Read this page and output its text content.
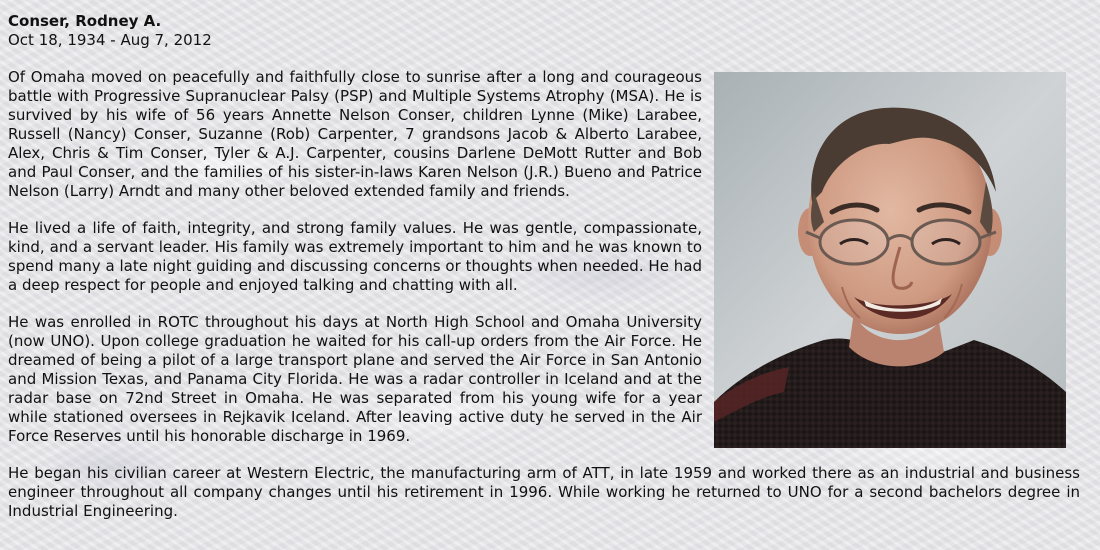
Conser, Rodney A.
Oct 18, 1934 - Aug 7, 2012

Of Omaha moved on peacefully and faithfully close to sunrise after a long and courageous battle with Progressive Supranuclear Palsy (PSP) and Multiple Systems Atrophy (MSA). He is survived by his wife of 56 years Annette Nelson Conser, children Lynne (Mike) Larabee, Russell (Nancy) Conser, Suzanne (Rob) Carpenter, 7 grandsons Jacob & Alberto Larabee, Alex, Chris & Tim Conser, Tyler & A.J. Carpenter, cousins Darlene DeMott Rutter and Bob and Paul Conser, and the families of his sister-in-laws Karen Nelson (J.R.) Bueno and Patrice Nelson (Larry) Arndt and many other beloved extended family and friends.

He lived a life of faith, integrity, and strong family values. He was gentle, compassionate, kind, and a servant leader. His family was extremely important to him and he was known to spend many a late night guiding and discussing concerns or thoughts when needed. He had a deep respect for people and enjoyed talking and chatting with all.

He was enrolled in ROTC throughout his days at North High School and Omaha University (now UNO). Upon college graduation he waited for his call-up orders from the Air Force. He dreamed of being a pilot of a large transport plane and served the Air Force in San Antonio and Mission Texas, and Panama City Florida. He was a radar controller in Iceland and at the radar base on 72nd Street in Omaha. He was separated from his young wife for a year while stationed oversees in Rejkavik Iceland. After leaving active duty he served in the Air Force Reserves until his honorable discharge in 1969.

He began his civilian career at Western Electric, the manufacturing arm of ATT, in late 1959 and worked there as an industrial and business engineer throughout all company changes until his retirement in 1996. While working he returned to UNO for a second bachelors degree in Industrial Engineering.
